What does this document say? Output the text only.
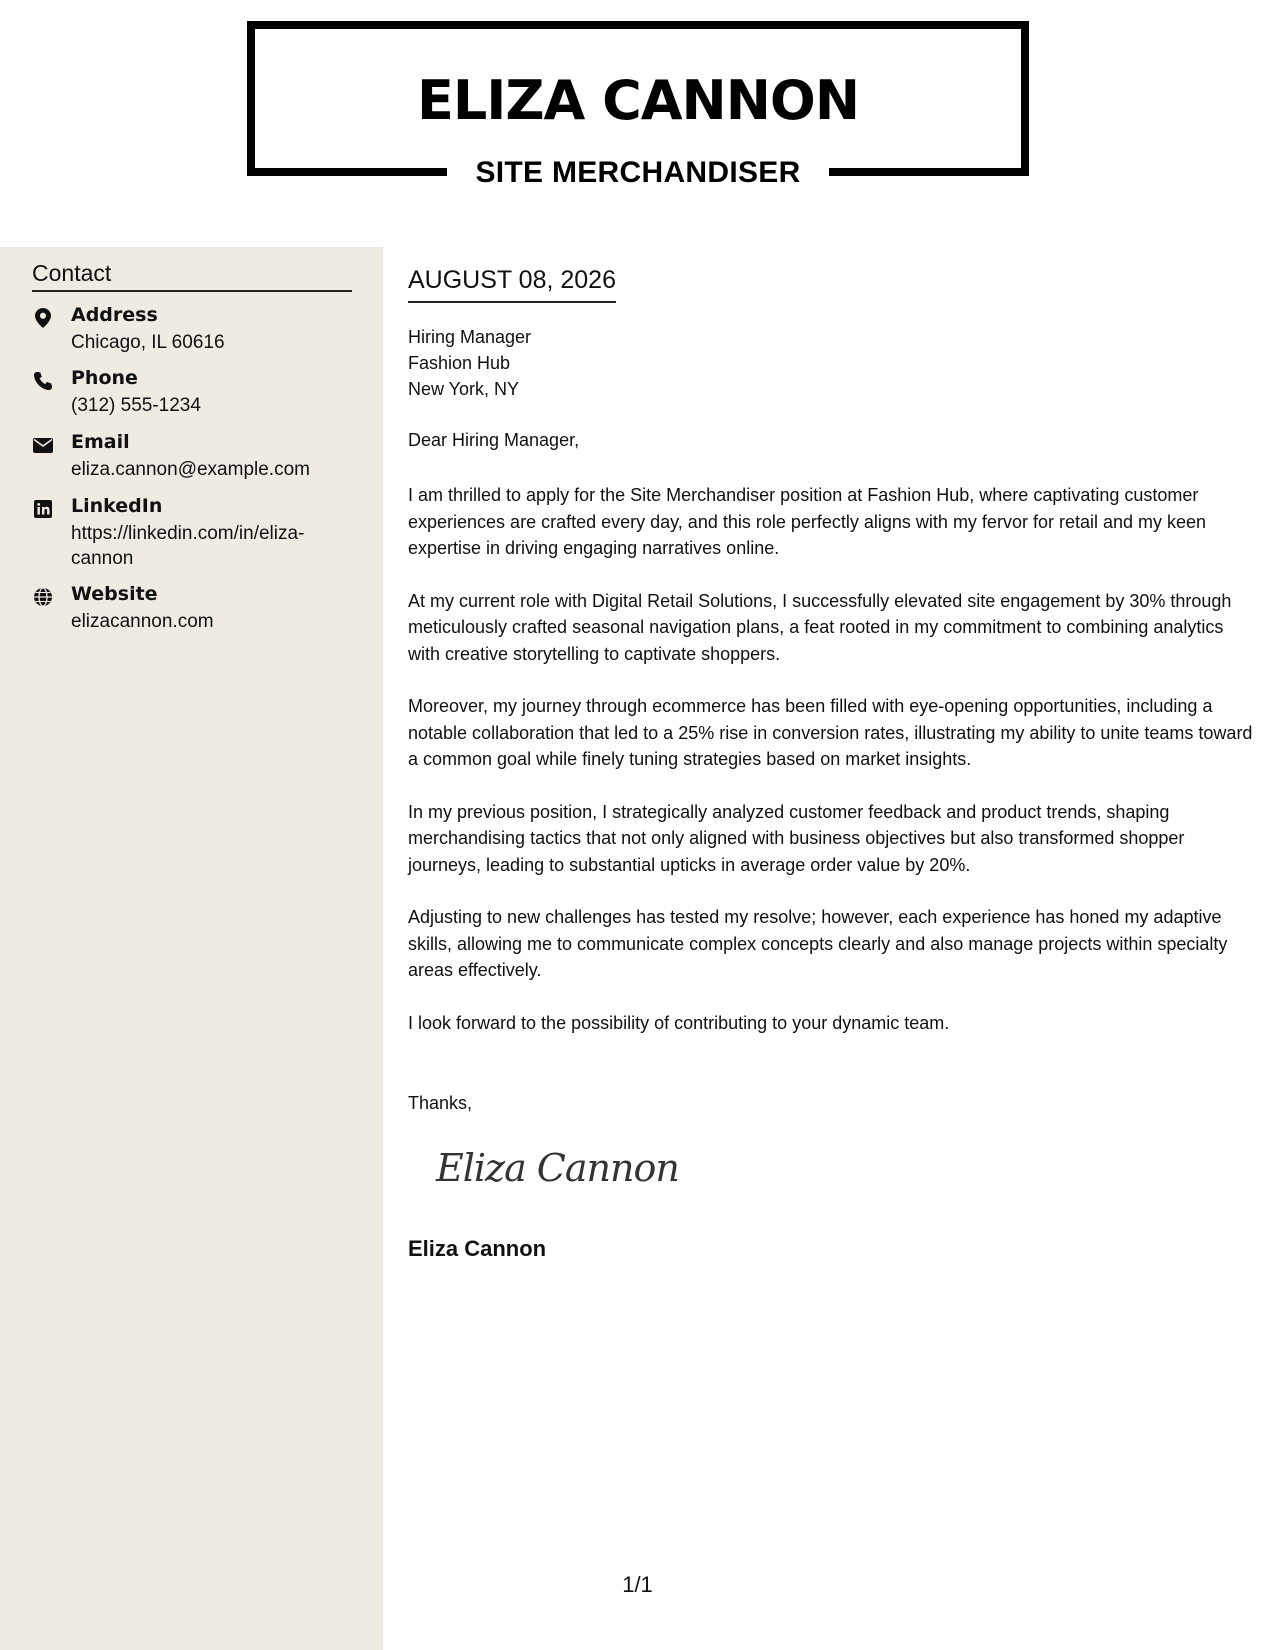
ELIZA CANNON
SITE MERCHANDISER
Contact
Address
Chicago, IL 60616
Phone
(312) 555-1234
Email
eliza.cannon@example.com
LinkedIn
https://linkedin.com/in/eliza-cannon
Website
elizacannon.com
AUGUST 08, 2026
Hiring Manager
Fashion Hub
New York, NY
Dear Hiring Manager,

I am thrilled to apply for the Site Merchandiser position at Fashion Hub, where captivating customer experiences are crafted every day, and this role perfectly aligns with my fervor for retail and my keen expertise in driving engaging narratives online.

At my current role with Digital Retail Solutions, I successfully elevated site engagement by 30% through meticulously crafted seasonal navigation plans, a feat rooted in my commitment to combining analytics with creative storytelling to captivate shoppers.

Moreover, my journey through ecommerce has been filled with eye-opening opportunities, including a notable collaboration that led to a 25% rise in conversion rates, illustrating my ability to unite teams toward a common goal while finely tuning strategies based on market insights.

In my previous position, I strategically analyzed customer feedback and product trends, shaping merchandising tactics that not only aligned with business objectives but also transformed shopper journeys, leading to substantial upticks in average order value by 20%.

Adjusting to new challenges has tested my resolve; however, each experience has honed my adaptive skills, allowing me to communicate complex concepts clearly and also manage projects within specialty areas effectively.

I look forward to the possibility of contributing to your dynamic team.

Thanks,
Eliza Cannon
Eliza Cannon
1/1
